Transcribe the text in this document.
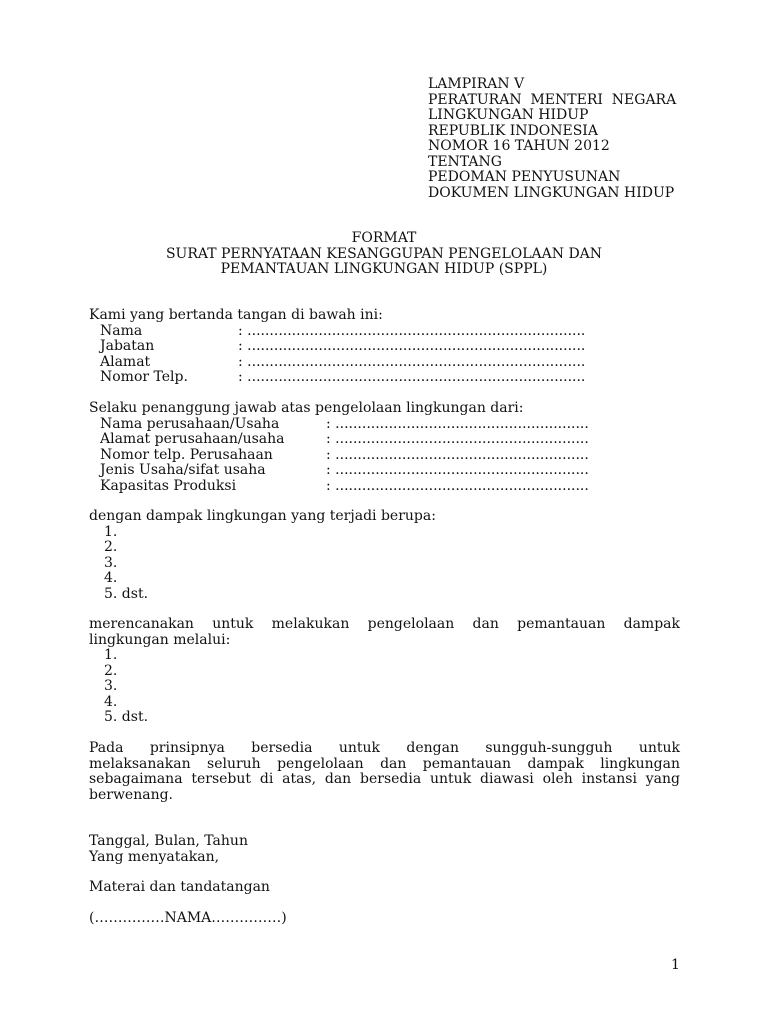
LAMPIRAN V
PERATURAN  MENTERI  NEGARA
LINGKUNGAN HIDUP
REPUBLIK INDONESIA
NOMOR 16 TAHUN 2012
TENTANG
PEDOMAN PENYUSUNAN
DOKUMEN LINGKUNGAN HIDUP
FORMAT
SURAT PERNYATAAN KESANGGUPAN PENGELOLAAN DAN
PEMANTAUAN LINGKUNGAN HIDUP (SPPL)
Kami yang bertanda tangan di bawah ini:
Nama	: ............................................................................
Jabatan	: ............................................................................
Alamat	: ............................................................................
Nomor Telp.	: ............................................................................
Selaku penanggung jawab atas pengelolaan lingkungan dari:
Nama perusahaan/Usaha	: .........................................................
Alamat perusahaan/usaha	: .........................................................
Nomor telp. Perusahaan	: .........................................................
Jenis Usaha/sifat usaha	: .........................................................
Kapasitas Produksi	: .........................................................
dengan dampak lingkungan yang terjadi berupa:
1.
2.
3.
4.
5. dst.
merencanakan untuk melakukan pengelolaan dan pemantauan dampak
lingkungan melalui:
1.
2.
3.
4.
5. dst.
Pada prinsipnya bersedia untuk dengan sungguh-sungguh untuk
melaksanakan seluruh pengelolaan dan pemantauan dampak lingkungan
sebagaimana tersebut di atas, dan bersedia untuk diawasi oleh instansi yang
berwenang.
Tanggal, Bulan, Tahun
Yang menyatakan,
Materai dan tandatangan
(……………NAMA……………)
1
